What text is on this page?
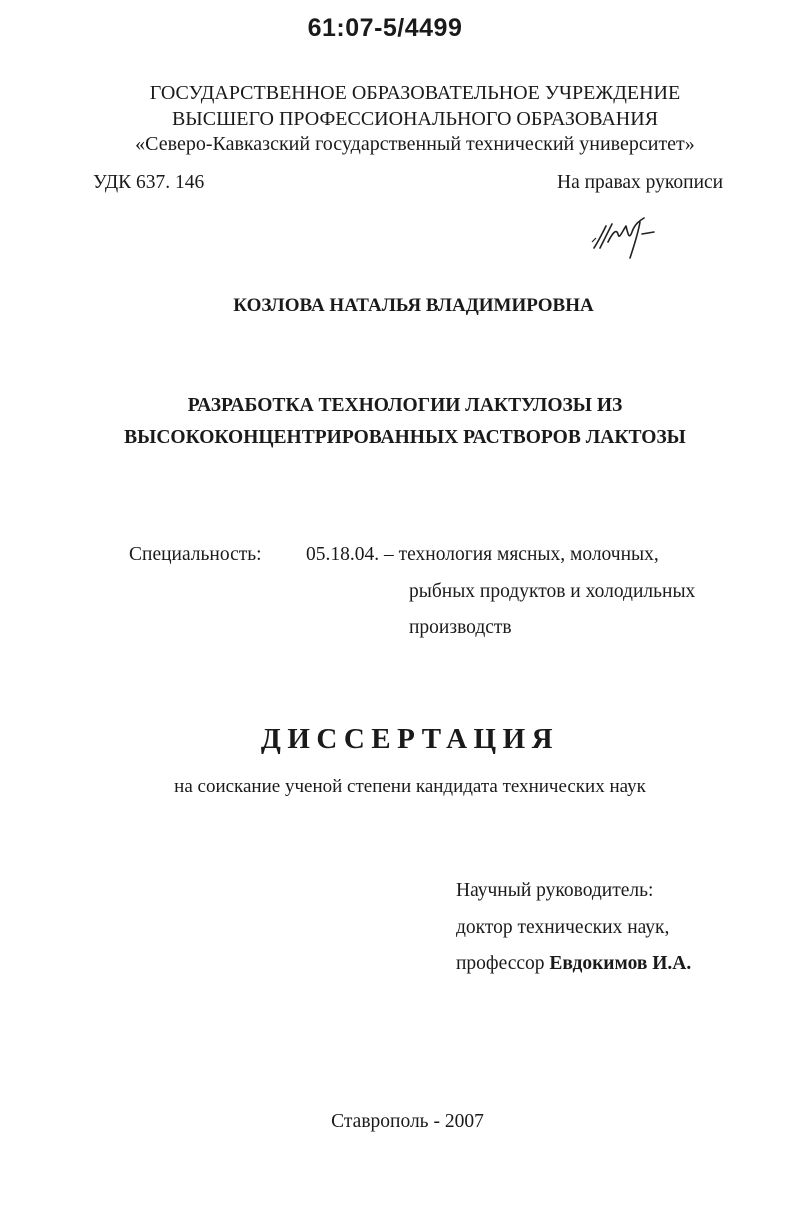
61:07-5/4499
ГОСУДАРСТВЕННОЕ ОБРАЗОВАТЕЛЬНОЕ УЧРЕЖДЕНИЕ
ВЫСШЕГО ПРОФЕССИОНАЛЬНОГО ОБРАЗОВАНИЯ
«Северо-Кавказский государственный технический университет»
УДК 637. 146	На правах рукописи
КОЗЛОВА НАТАЛЬЯ ВЛАДИМИРОВНА
РАЗРАБОТКА ТЕХНОЛОГИИ ЛАКТУЛОЗЫ ИЗ
ВЫСОКОКОНЦЕНТРИРОВАННЫХ РАСТВОРОВ ЛАКТОЗЫ
Специальность: 05.18.04. – технология мясных, молочных,
рыбных продуктов и холодильных
производств
ДИССЕРТАЦИЯ
на соискание ученой степени кандидата технических наук
Научный руководитель:
доктор технических наук,
профессор Евдокимов И.А.
Ставрополь - 2007
